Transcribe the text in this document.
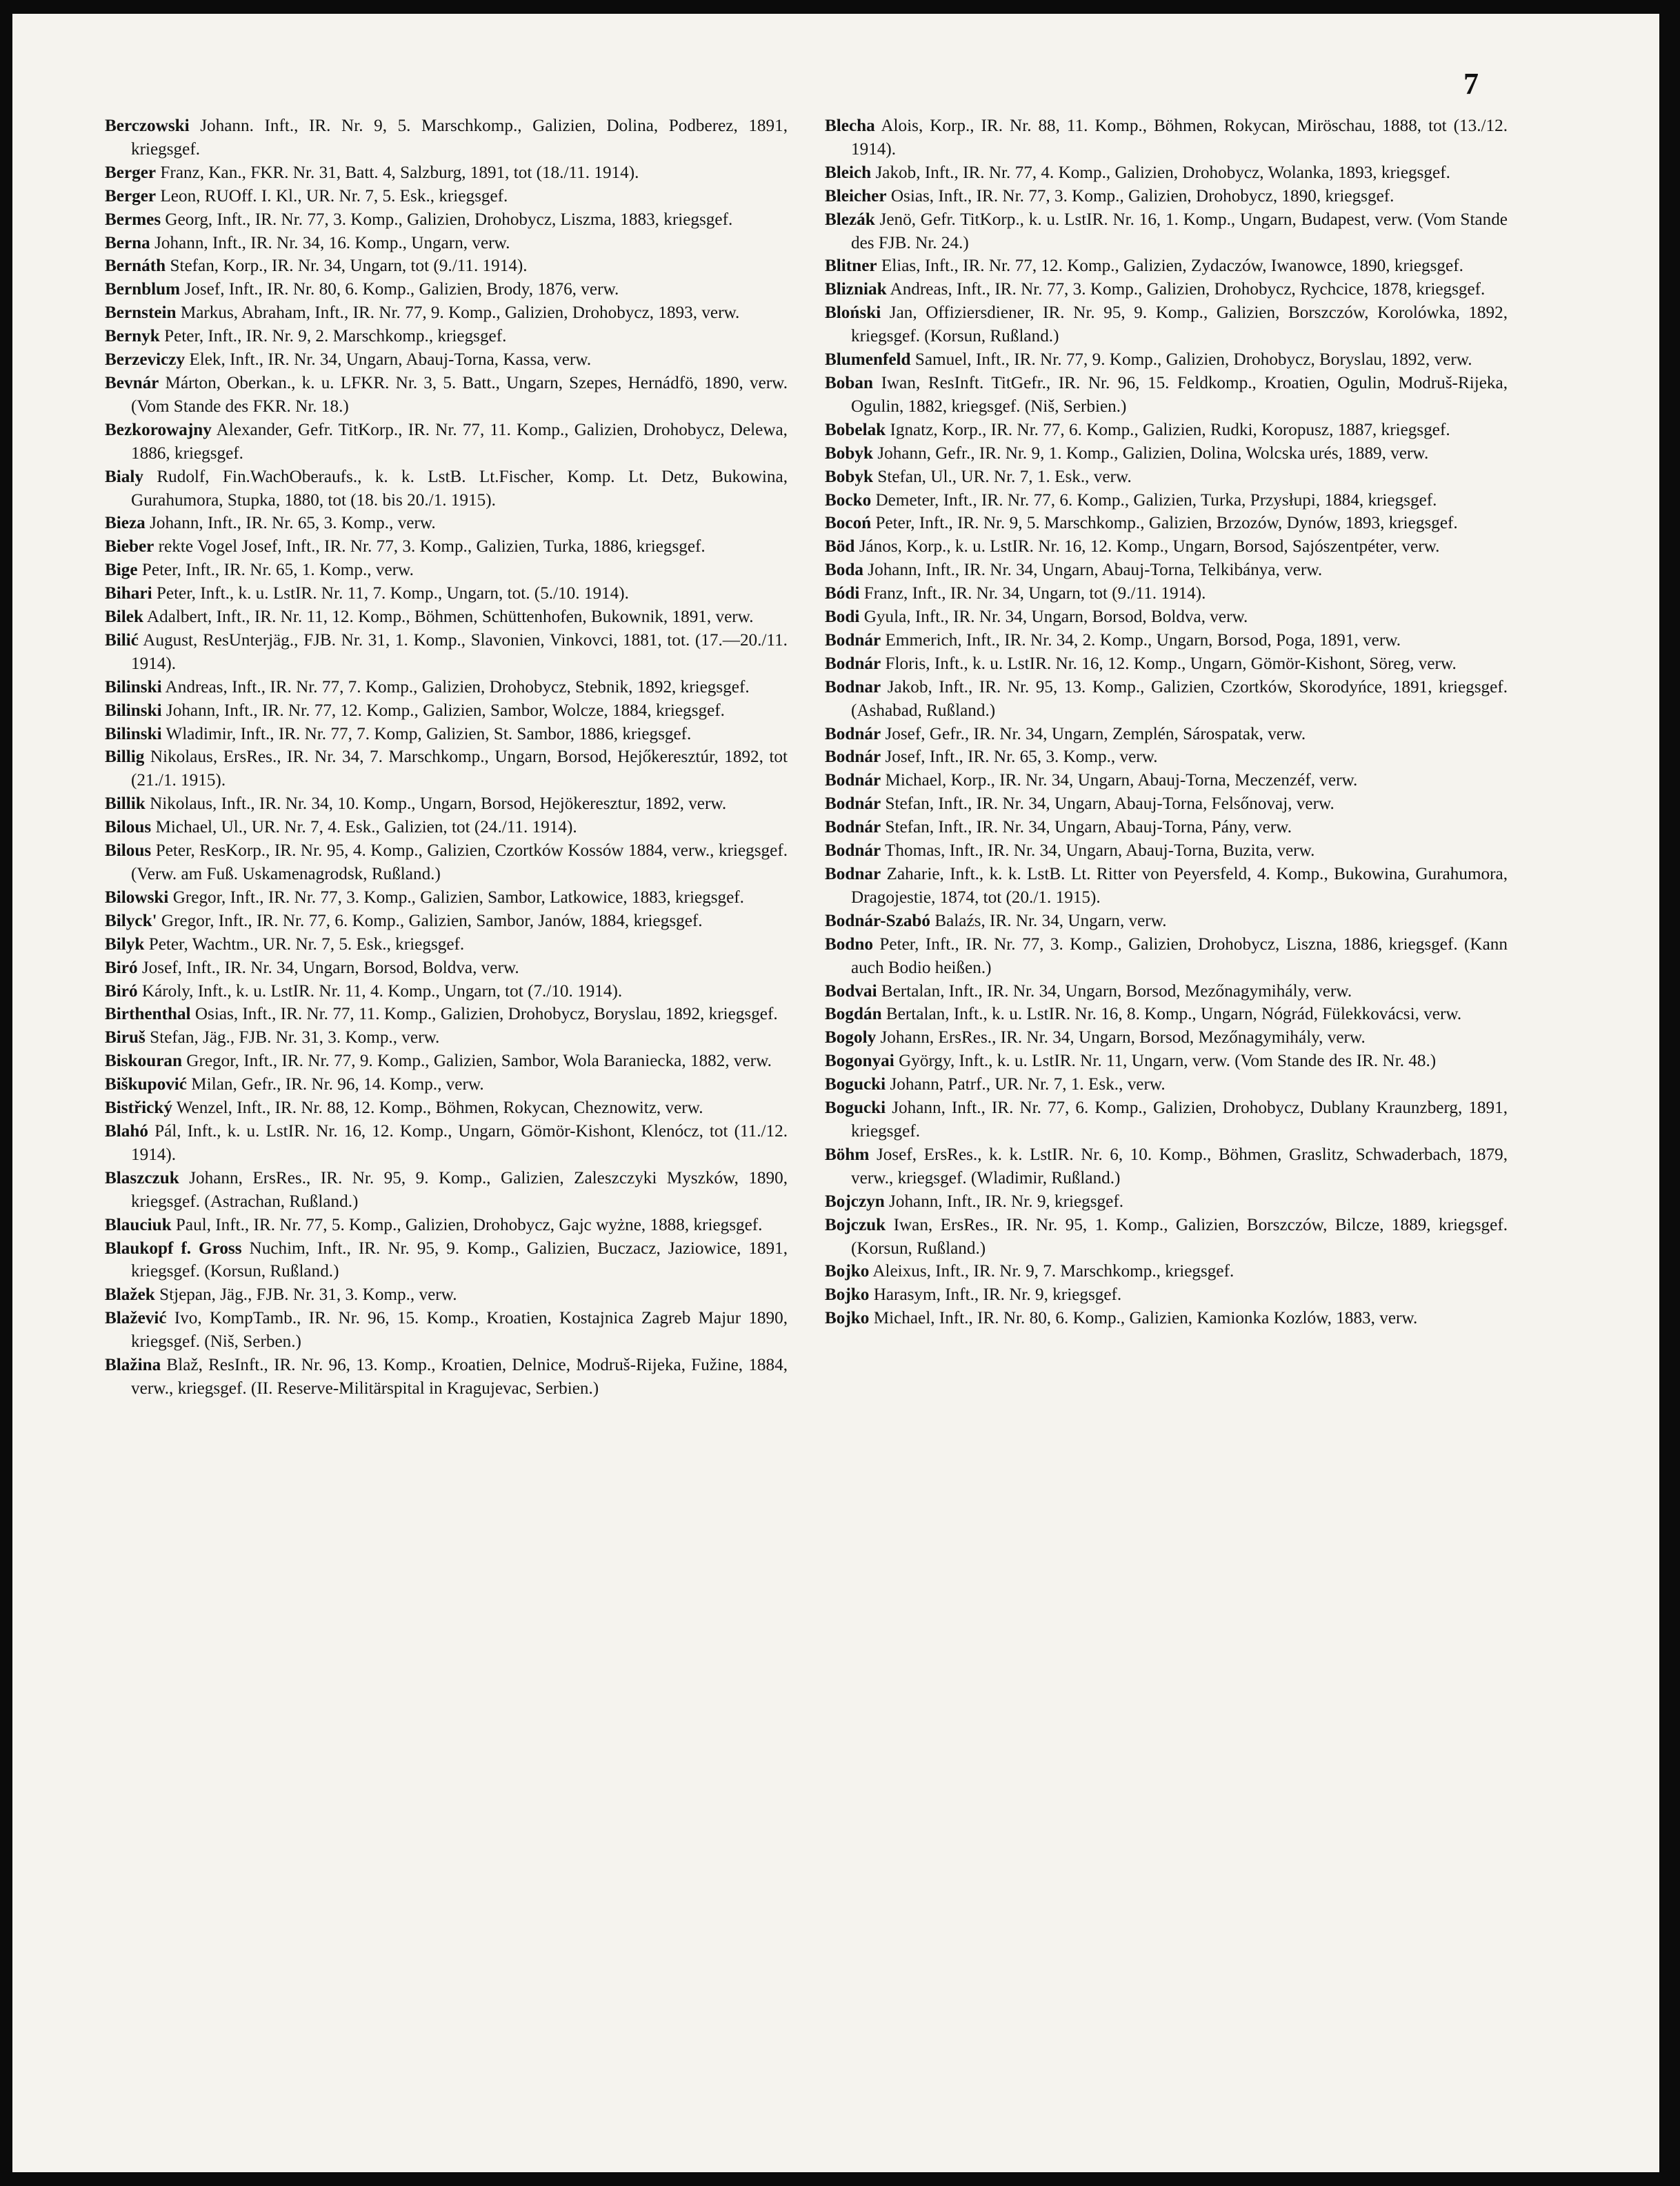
7

Berczowski Johann. Inft., IR. Nr. 9, 5. Marschkomp., Galizien, Dolina, Podberez, 1891, kriegsgef.

Berger Franz, Kan., FKR. Nr. 31, Batt. 4, Salzburg, 1891, tot (18./11. 1914).

Berger Leon, RUOff. I. Kl., UR. Nr. 7, 5. Esk., kriegsgef.

Bermes Georg, Inft., IR. Nr. 77, 3. Komp., Galizien, Drohobycz, Liszma, 1883, kriegsgef.

Berna Johann, Inft., IR. Nr. 34, 16. Komp., Ungarn, verw.

Bernáth Stefan, Korp., IR. Nr. 34, Ungarn, tot (9./11. 1914).

Bernblum Josef, Inft., IR. Nr. 80, 6. Komp., Galizien, Brody, 1876, verw.

Bernstein Markus, Abraham, Inft., IR. Nr. 77, 9. Komp., Galizien, Drohobycz, 1893, verw.

Bernyk Peter, Inft., IR. Nr. 9, 2. Marschkomp., kriegsgef.

Berzeviczy Elek, Inft., IR. Nr. 34, Ungarn, Abauj-Torna, Kassa, verw.

Bevnár Márton, Oberkan., k. u. LFKR. Nr. 3, 5. Batt., Ungarn, Szepes, Hernádfö, 1890, verw. (Vom Stande des FKR. Nr. 18.)

Bezkorowajny Alexander, Gefr. TitKorp., IR. Nr. 77, 11. Komp., Galizien, Drohobycz, Delewa, 1886, kriegsgef.

Bialy Rudolf, Fin.WachOberaufs., k. k. LstB. Lt.Fischer, Komp. Lt. Detz, Bukowina, Gurahumora, Stupka, 1880, tot (18. bis 20./1. 1915).

Bieza Johann, Inft., IR. Nr. 65, 3. Komp., verw.

Bieber rekte Vogel Josef, Inft., IR. Nr. 77, 3. Komp., Galizien, Turka, 1886, kriegsgef.

Bige Peter, Inft., IR. Nr. 65, 1. Komp., verw.

Bihari Peter, Inft., k. u. LstIR. Nr. 11, 7. Komp., Ungarn, tot. (5./10. 1914).

Bilek Adalbert, Inft., IR. Nr. 11, 12. Komp., Böhmen, Schüttenhofen, Bukownik, 1891, verw.

Bilić August, ResUnterjäg., FJB. Nr. 31, 1. Komp., Slavonien, Vinkovci, 1881, tot. (17.—20./11. 1914).

Bilinski Andreas, Inft., IR. Nr. 77, 7. Komp., Galizien, Drohobycz, Stebnik, 1892, kriegsgef.

Bilinski Johann, Inft., IR. Nr. 77, 12. Komp., Galizien, Sambor, Wolcze, 1884, kriegsgef.

Bilinski Wladimir, Inft., IR. Nr. 77, 7. Komp, Galizien, St. Sambor, 1886, kriegsgef.

Billig Nikolaus, ErsRes., IR. Nr. 34, 7. Marschkomp., Ungarn, Borsod, Hejőkeresztúr, 1892, tot (21./1. 1915).

Billik Nikolaus, Inft., IR. Nr. 34, 10. Komp., Ungarn, Borsod, Hejökeresztur, 1892, verw.

Bilous Michael, Ul., UR. Nr. 7, 4. Esk., Galizien, tot (24./11. 1914).

Bilous Peter, ResKorp., IR. Nr. 95, 4. Komp., Galizien, Czortków Kossów 1884, verw., kriegsgef. (Verw. am Fuß. Uskamenagrodsk, Rußland.)

Bilowski Gregor, Inft., IR. Nr. 77, 3. Komp., Galizien, Sambor, Latkowice, 1883, kriegsgef.

Bilyck' Gregor, Inft., IR. Nr. 77, 6. Komp., Galizien, Sambor, Janów, 1884, kriegsgef.

Bilyk Peter, Wachtm., UR. Nr. 7, 5. Esk., kriegsgef.

Biró Josef, Inft., IR. Nr. 34, Ungarn, Borsod, Boldva, verw.

Biró Károly, Inft., k. u. LstIR. Nr. 11, 4. Komp., Ungarn, tot (7./10. 1914).

Birthenthal Osias, Inft., IR. Nr. 77, 11. Komp., Galizien, Drohobycz, Boryslau, 1892, kriegsgef.

Biruš Stefan, Jäg., FJB. Nr. 31, 3. Komp., verw.

Biskouran Gregor, Inft., IR. Nr. 77, 9. Komp., Galizien, Sambor, Wola Baraniecka, 1882, verw.

Biškupović Milan, Gefr., IR. Nr. 96, 14. Komp., verw.

Bistřický Wenzel, Inft., IR. Nr. 88, 12. Komp., Böhmen, Rokycan, Cheznowitz, verw.

Blahó Pál, Inft., k. u. LstIR. Nr. 16, 12. Komp., Ungarn, Gömör-Kishont, Klenócz, tot (11./12. 1914).

Blaszczuk Johann, ErsRes., IR. Nr. 95, 9. Komp., Galizien, Zaleszczyki Myszków, 1890, kriegsgef. (Astrachan, Rußland.)

Blauciuk Paul, Inft., IR. Nr. 77, 5. Komp., Galizien, Drohobycz, Gajc wyżne, 1888, kriegsgef.

Blaukopf f. Gross Nuchim, Inft., IR. Nr. 95, 9. Komp., Galizien, Buczacz, Jaziowice, 1891, kriegsgef. (Korsun, Rußland.)

Blažek Stjepan, Jäg., FJB. Nr. 31, 3. Komp., verw.

Blažević Ivo, KompTamb., IR. Nr. 96, 15. Komp., Kroatien, Kostajnica Zagreb Majur 1890, kriegsgef. (Niš, Serben.)

Blažina Blaž, ResInft., IR. Nr. 96, 13. Komp., Kroatien, Delnice, Modruš-Rijeka, Fužine, 1884, verw., kriegsgef. (II. Reserve-Militärspital in Kragujevac, Serbien.)

Blecha Alois, Korp., IR. Nr. 88, 11. Komp., Böhmen, Rokycan, Miröschau, 1888, tot (13./12. 1914).

Bleich Jakob, Inft., IR. Nr. 77, 4. Komp., Galizien, Drohobycz, Wolanka, 1893, kriegsgef.

Bleicher Osias, Inft., IR. Nr. 77, 3. Komp., Galizien, Drohobycz, 1890, kriegsgef.

Blezák Jenö, Gefr. TitKorp., k. u. LstIR. Nr. 16, 1. Komp., Ungarn, Budapest, verw. (Vom Stande des FJB. Nr. 24.)

Blitner Elias, Inft., IR. Nr. 77, 12. Komp., Galizien, Zydaczów, Iwanowce, 1890, kriegsgef.

Blizniak Andreas, Inft., IR. Nr. 77, 3. Komp., Galizien, Drohobycz, Rychcice, 1878, kriegsgef.

Bloński Jan, Offiziersdiener, IR. Nr. 95, 9. Komp., Galizien, Borszczów, Korolówka, 1892, kriegsgef. (Korsun, Rußland.)

Blumenfeld Samuel, Inft., IR. Nr. 77, 9. Komp., Galizien, Drohobycz, Boryslau, 1892, verw.

Boban Iwan, ResInft. TitGefr., IR. Nr. 96, 15. Feldkomp., Kroatien, Ogulin, Modruš-Rijeka, Ogulin, 1882, kriegsgef. (Niš, Serbien.)

Bobelak Ignatz, Korp., IR. Nr. 77, 6. Komp., Galizien, Rudki, Koropusz, 1887, kriegsgef.

Bobyk Johann, Gefr., IR. Nr. 9, 1. Komp., Galizien, Dolina, Wolcska urés, 1889, verw.

Bobyk Stefan, Ul., UR. Nr. 7, 1. Esk., verw.

Bocko Demeter, Inft., IR. Nr. 77, 6. Komp., Galizien, Turka, Przysłupi, 1884, kriegsgef.

Bocoń Peter, Inft., IR. Nr. 9, 5. Marschkomp., Galizien, Brzozów, Dynów, 1893, kriegsgef.

Böd János, Korp., k. u. LstIR. Nr. 16, 12. Komp., Ungarn, Borsod, Sajószentpéter, verw.

Boda Johann, Inft., IR. Nr. 34, Ungarn, Abauj-Torna, Telkibánya, verw.

Bódi Franz, Inft., IR. Nr. 34, Ungarn, tot (9./11. 1914).

Bodi Gyula, Inft., IR. Nr. 34, Ungarn, Borsod, Boldva, verw.

Bodnár Emmerich, Inft., IR. Nr. 34, 2. Komp., Ungarn, Borsod, Poga, 1891, verw.

Bodnár Floris, Inft., k. u. LstIR. Nr. 16, 12. Komp., Ungarn, Gömör-Kishont, Söreg, verw.

Bodnar Jakob, Inft., IR. Nr. 95, 13. Komp., Galizien, Czortków, Skorodyńce, 1891, kriegsgef. (Ashabad, Rußland.)

Bodnár Josef, Gefr., IR. Nr. 34, Ungarn, Zemplén, Sárospatak, verw.

Bodnár Josef, Inft., IR. Nr. 65, 3. Komp., verw.

Bodnár Michael, Korp., IR. Nr. 34, Ungarn, Abauj-Torna, Meczenzéf, verw.

Bodnár Stefan, Inft., IR. Nr. 34, Ungarn, Abauj-Torna, Felsőnovaj, verw.

Bodnár Stefan, Inft., IR. Nr. 34, Ungarn, Abauj-Torna, Pány, verw.

Bodnár Thomas, Inft., IR. Nr. 34, Ungarn, Abauj-Torna, Buzita, verw.

Bodnar Zaharie, Inft., k. k. LstB. Lt. Ritter von Peyersfeld, 4. Komp., Bukowina, Gurahumora, Dragojestie, 1874, tot (20./1. 1915).

Bodnár-Szabó Balaźs, IR. Nr. 34, Ungarn, verw.

Bodno Peter, Inft., IR. Nr. 77, 3. Komp., Galizien, Drohobycz, Liszna, 1886, kriegsgef. (Kann auch Bodio heißen.)

Bodvai Bertalan, Inft., IR. Nr. 34, Ungarn, Borsod, Mezőnagymihály, verw.

Bogdán Bertalan, Inft., k. u. LstIR. Nr. 16, 8. Komp., Ungarn, Nógrád, Fülekkovácsi, verw.

Bogoly Johann, ErsRes., IR. Nr. 34, Ungarn, Borsod, Mezőnagymihály, verw.

Bogonyai György, Inft., k. u. LstIR. Nr. 11, Ungarn, verw. (Vom Stande des IR. Nr. 48.)

Bogucki Johann, Patrf., UR. Nr. 7, 1. Esk., verw.

Bogucki Johann, Inft., IR. Nr. 77, 6. Komp., Galizien, Drohobycz, Dublany Kraunzberg, 1891, kriegsgef.

Böhm Josef, ErsRes., k. k. LstIR. Nr. 6, 10. Komp., Böhmen, Graslitz, Schwaderbach, 1879, verw., kriegsgef. (Wladimir, Rußland.)

Bojczyn Johann, Inft., IR. Nr. 9, kriegsgef.

Bojczuk Iwan, ErsRes., IR. Nr. 95, 1. Komp., Galizien, Borszczów, Bilcze, 1889, kriegsgef. (Korsun, Rußland.)

Bojko Aleixus, Inft., IR. Nr. 9, 7. Marschkomp., kriegsgef.

Bojko Harasym, Inft., IR. Nr. 9, kriegsgef.

Bojko Michael, Inft., IR. Nr. 80, 6. Komp., Galizien, Kamionka Kozlów, 1883, verw.
